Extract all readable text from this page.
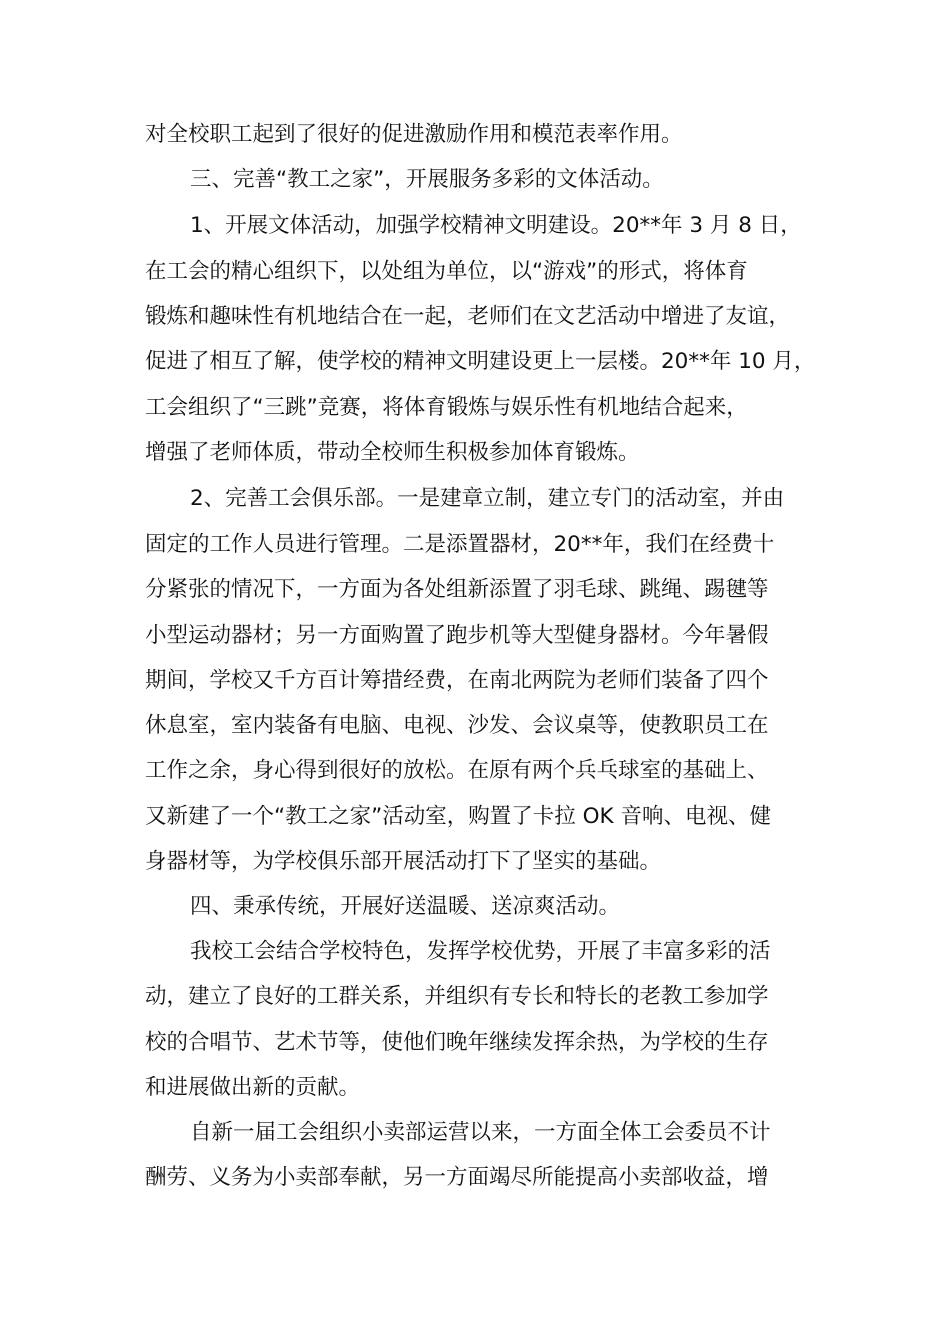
对全校职工起到了很好的促进激励作用和模范表率作用。
三、完善“教工之家”，开展服务多彩的文体活动。
1、开展文体活动，加强学校精神文明建设。20**年 3 月 8 日，
在工会的精心组织下，以处组为单位，以“游戏”的形式，将体育
锻炼和趣味性有机地结合在一起，老师们在文艺活动中增进了友谊，
促进了相互了解，使学校的精神文明建设更上一层楼。20**年 10 月，
工会组织了“三跳”竞赛，将体育锻炼与娱乐性有机地结合起来，
增强了老师体质，带动全校师生积极参加体育锻炼。
2、完善工会俱乐部。一是建章立制，建立专门的活动室，并由
固定的工作人员进行管理。二是添置器材，20**年，我们在经费十
分紧张的情况下，一方面为各处组新添置了羽毛球、跳绳、踢毽等
小型运动器材；另一方面购置了跑步机等大型健身器材。今年暑假
期间，学校又千方百计筹措经费，在南北两院为老师们装备了四个
休息室，室内装备有电脑、电视、沙发、会议桌等，使教职员工在
工作之余，身心得到很好的放松。在原有两个兵乓球室的基础上、
又新建了一个“教工之家”活动室，购置了卡拉 OK 音响、电视、健
身器材等，为学校俱乐部开展活动打下了坚实的基础。
四、秉承传统，开展好送温暖、送凉爽活动。
我校工会结合学校特色，发挥学校优势，开展了丰富多彩的活
动，建立了良好的工群关系，并组织有专长和特长的老教工参加学
校的合唱节、艺术节等，使他们晚年继续发挥余热，为学校的生存
和进展做出新的贡献。
自新一届工会组织小卖部运营以来，一方面全体工会委员不计
酬劳、义务为小卖部奉献，另一方面竭尽所能提高小卖部收益，增
